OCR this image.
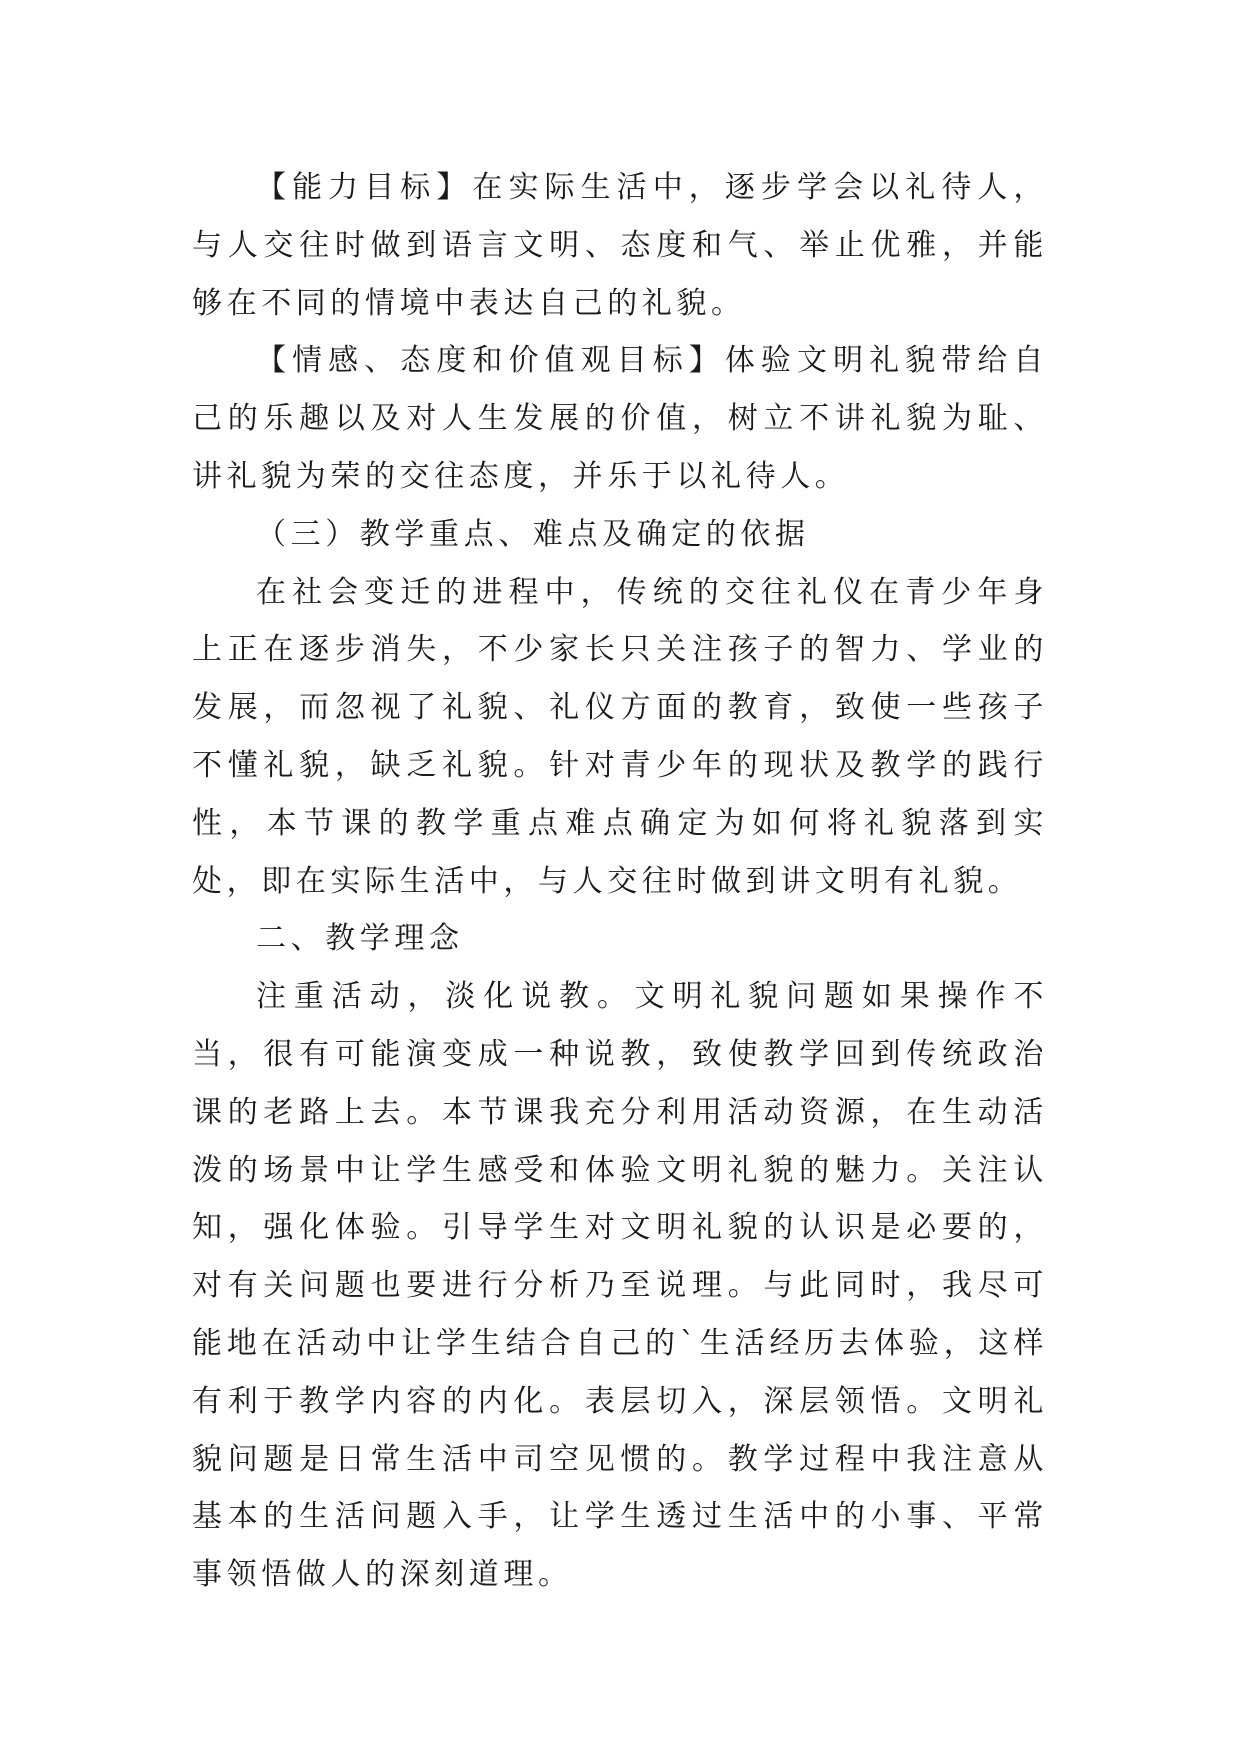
【能力目标】在实际生活中，逐步学会以礼待人，与人交往时做到语言文明、态度和气、举止优雅，并能够在不同的情境中表达自己的礼貌。

【情感、态度和价值观目标】体验文明礼貌带给自己的乐趣以及对人生发展的价值，树立不讲礼貌为耻、讲礼貌为荣的交往态度，并乐于以礼待人。

（三）教学重点、难点及确定的依据

在社会变迁的进程中，传统的交往礼仪在青少年身上正在逐步消失，不少家长只关注孩子的智力、学业的发展，而忽视了礼貌、礼仪方面的教育，致使一些孩子不懂礼貌，缺乏礼貌。针对青少年的现状及教学的践行性，本节课的教学重点难点确定为如何将礼貌落到实处，即在实际生活中，与人交往时做到讲文明有礼貌。

二、教学理念

注重活动，淡化说教。文明礼貌问题如果操作不当，很有可能演变成一种说教，致使教学回到传统政治课的老路上去。本节课我充分利用活动资源，在生动活泼的场景中让学生感受和体验文明礼貌的魅力。关注认知，强化体验。引导学生对文明礼貌的认识是必要的，对有关问题也要进行分析乃至说理。与此同时，我尽可能地在活动中让学生结合自己的`生活经历去体验，这样有利于教学内容的内化。表层切入，深层领悟。文明礼貌问题是日常生活中司空见惯的。教学过程中我注意从基本的生活问题入手，让学生透过生活中的小事、平常事领悟做人的深刻道理。
